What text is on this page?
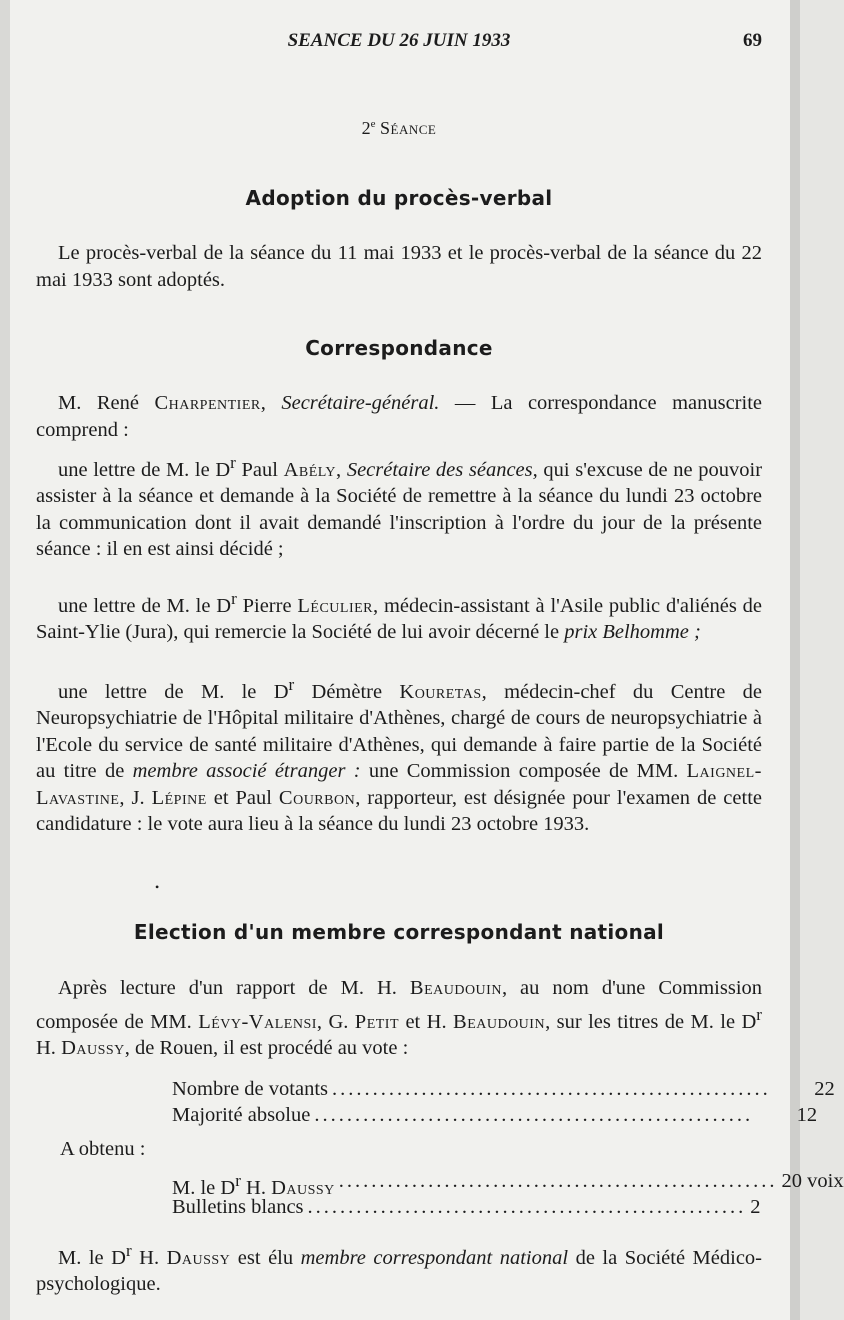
SEANCE DU 26 JUIN 1933	69
2e Séance
Adoption du procès-verbal

Le procès-verbal de la séance du 11 mai 1933 et le procès-verbal de la séance du 22 mai 1933 sont adoptés.

Correspondance

M. René Charpentier, Secrétaire-général. — La correspondance manuscrite comprend :

une lettre de M. le $D^r$ Paul Abély, Secrétaire des séances, qui s'excuse de ne pouvoir assister à la séance et demande à la Société de remettre à la séance du lundi 23 octobre la communication dont il avait demandé l'inscription à l'ordre du jour de la présente séance : il en est ainsi décidé ;

une lettre de M. le $D^r$ Pierre Léculier, médecin-assistant à l'Asile public d'aliénés de Saint-Ylie (Jura), qui remercie la Société de lui avoir décerné le prix Belhomme ;

une lettre de M. le $D^r$ Démètre Kouretas, médecin-chef du Centre de Neuropsychiatrie de l'Hôpital militaire d'Athènes, chargé de cours de neuropsychiatrie à l'Ecole du service de santé militaire d'Athènes, qui demande à faire partie de la Société au titre de membre associé étranger : une Commission composée de MM. Laignel-Lavastine, J. Lépine et Paul Courbon, rapporteur, est désignée pour l'examen de cette candidature : le vote aura lieu à la séance du lundi 23 octobre 1933.

•
Election d'un membre correspondant national

Après lecture d'un rapport de M. H. Beaudouin, au nom d'une Commission composée de MM. Lévy-Valensi, G. Petit et H. Beaudouin, sur les titres de M. le $D^r$ H. Daussy, de Rouen, il est procédé au vote :

Nombre de votants ......................................................	22
Majorité absolue ......................................................	12
A obtenu :
M. le $D^r$ H. Daussy ...................................................... 20 voix
Bulletins blancs ...................................................... 2

M. le $D^r$ H. Daussy est élu membre correspondant national de la Société Médico-psychologique.
